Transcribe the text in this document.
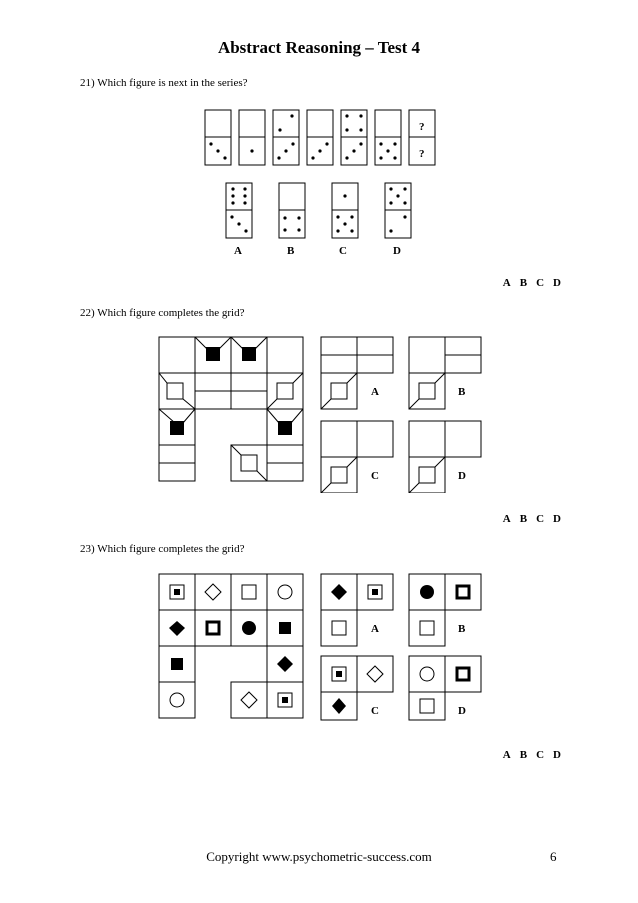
Abstract Reasoning – Test 4
21) Which figure is next in the series?
?
?
A	B	C	D
A B C D
22) Which figure completes the grid?
A	B
C	D
A B C D
23) Which figure completes the grid?
A	B
C	D
A B C D
Copyright www.psychometric-success.com	6
